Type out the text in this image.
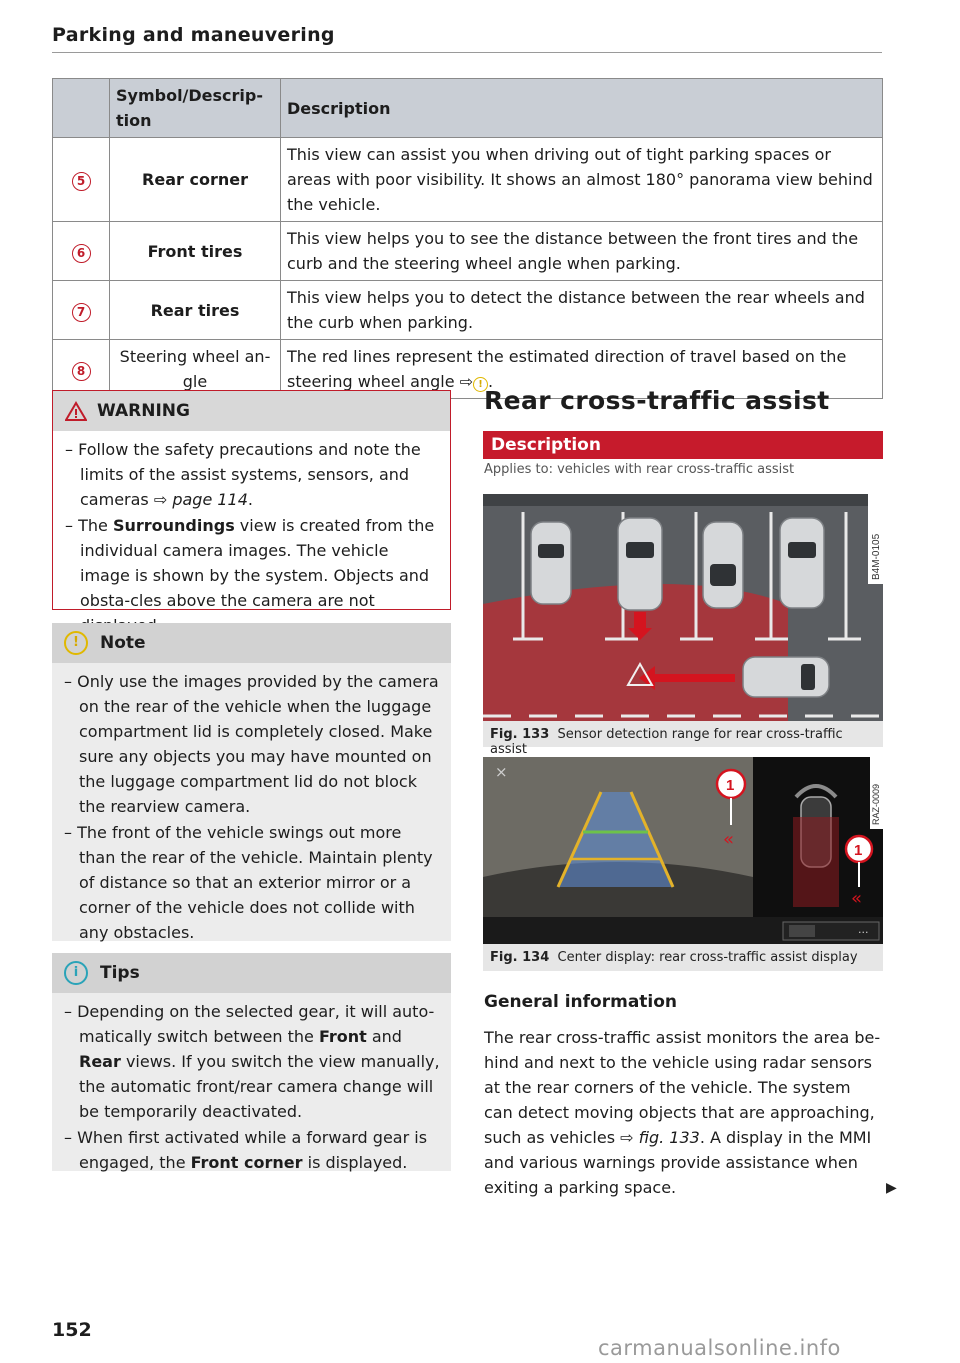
Parking and maneuvering
	Symbol/Descrip-tion	Description
5	Rear corner	This view can assist you when driving out of tight parking spaces or areas with poor visibility. It shows an almost 180° panorama view behind the vehicle.
6	Front tires	This view helps you to see the distance between the front tires and the curb and the steering wheel angle when parking.
7	Rear tires	This view helps you to detect the distance between the rear wheels and the curb when parking.
8	Steering wheel an-gle	The red lines represent the estimated direction of travel based on the steering wheel angle ⇨ ! .
WARNING
– Follow the safety precautions and note the limits of the assist systems, sensors, and cameras ⇨ page 114.
– The Surroundings view is created from the individual camera images. The vehicle image is shown by the system. Objects and obsta-cles above the camera are not
!	Note
– Only use the images provided by the camera on the rear of the vehicle when the luggage compartment lid is completely closed. Make sure any objects you may have mounted on the luggage compartment lid do not block the rearview camera.
– The front of the vehicle swings out more than the rear of the vehicle. Maintain plenty of distance so that an exterior mirror or a corner of the vehicle does not collide with any obstacles.
i	Tips
– Depending on the selected gear, it will auto-matically switch between the Front and Rear views. If you switch the view manually, the automatic front/rear camera change will be temporarily deactivated.
– When first activated while a forward gear is engaged, the Front corner is displayed.
Rear cross-traffic assist
Description
Applies to: vehicles with rear cross-traffic assist
B4M-0105
Fig. 133 Sensor detection range for rear cross-traffic assist
×
1
«
1
«
···
RAZ-0009
Fig. 134 Center display: rear cross-traffic assist display
General information
The rear cross-traffic assist monitors the area be-hind and next to the vehicle using radar sensors at the rear corners of the vehicle. The system can detect moving objects that are approaching, such as vehicles ⇨ fig. 133. A display in the MMI and various warnings provide assistance when exiting a parking space.	▶
152
carmanualsonline.info
